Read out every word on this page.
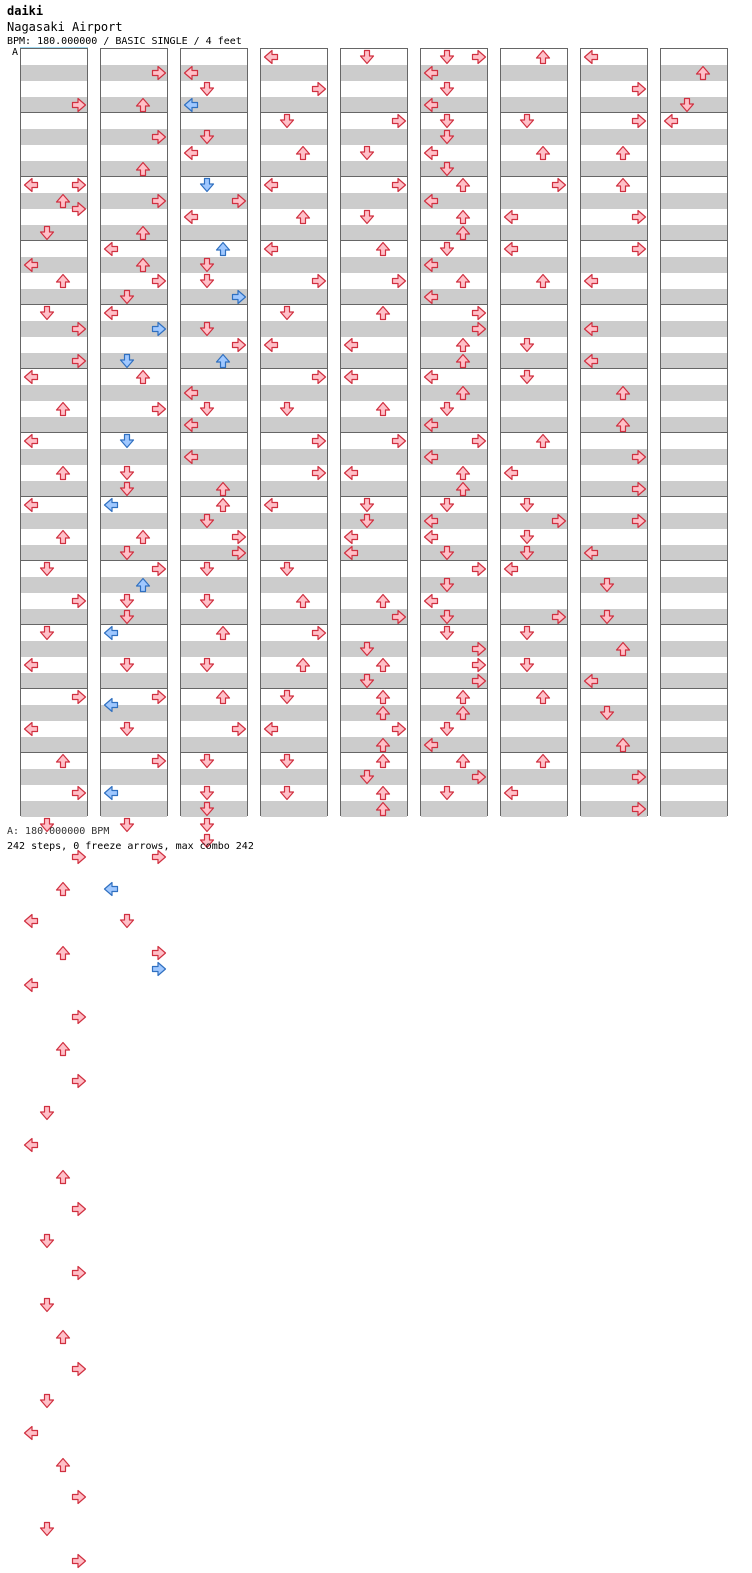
daiki
Nagasaki Airport
BPM: 180.000000 / BASIC SINGLE / 4 feet
A
A: 180.000000 BPM
242 steps, 0 freeze arrows, max combo 242
